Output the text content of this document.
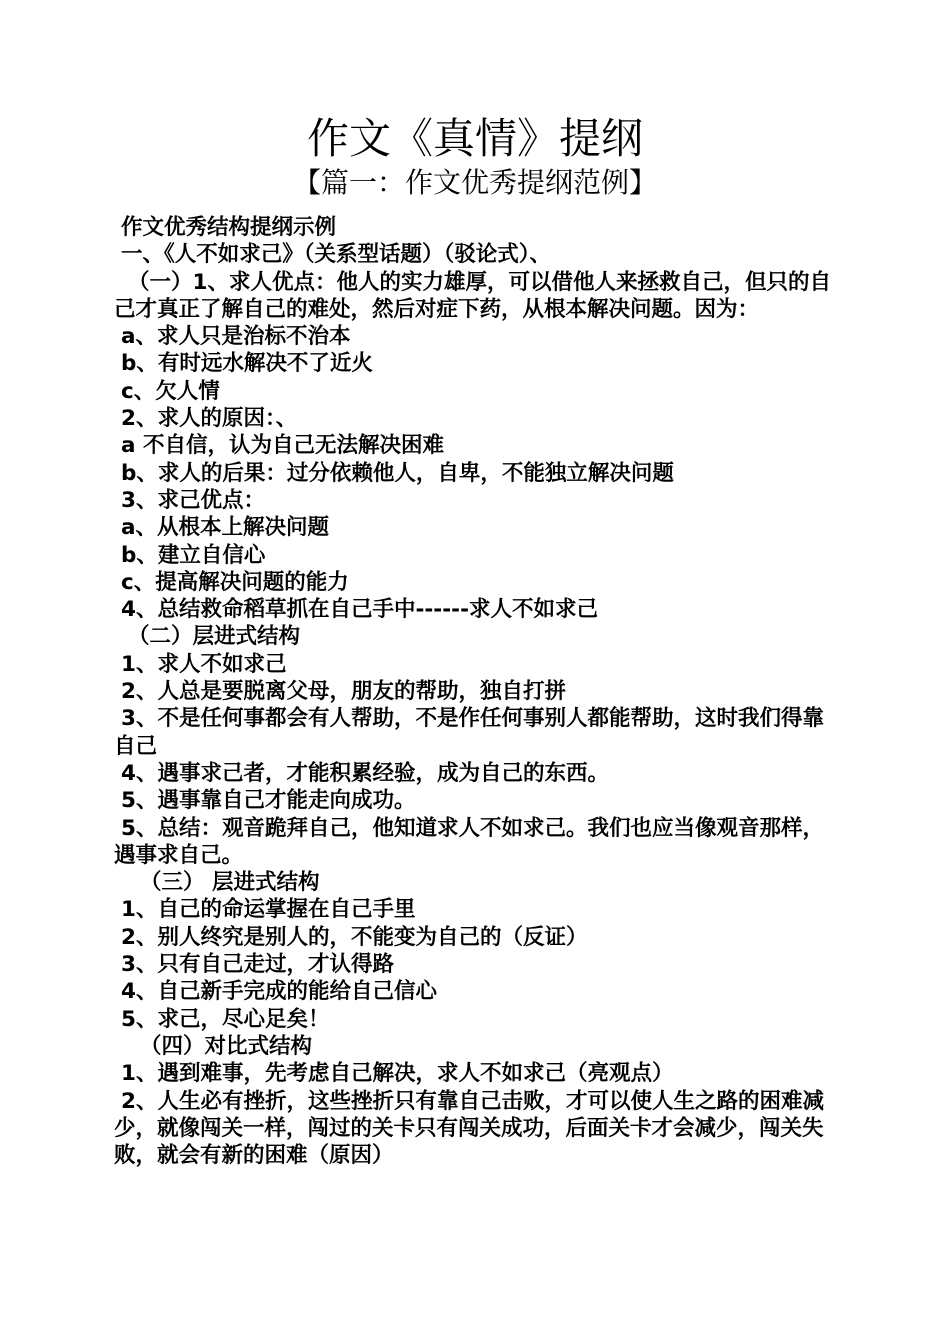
作文《真情》提纲
【篇一：作文优秀提纲范例】
作文优秀结构提纲示例
一、《人不如求己》（关系型话题）（驳论式）、
（一）1、求人优点：他人的实力雄厚，可以借他人来拯救自己，但只的自己才真正了解自己的难处，然后对症下药，从根本解决问题。因为：
a、求人只是治标不治本
b、有时远水解决不了近火
c、欠人情
2、求人的原因：、
a 不自信，认为自己无法解决困难
b、求人的后果：过分依赖他人，自卑，不能独立解决问题
3、求己优点：
a、从根本上解决问题
b、建立自信心
c、提高解决问题的能力
4、总结救命稻草抓在自己手中------求人不如求己
（二）层进式结构
1、求人不如求己
2、人总是要脱离父母，朋友的帮助，独自打拼
3、不是任何事都会有人帮助，不是作任何事别人都能帮助，这时我们得靠自己
4、遇事求己者，才能积累经验，成为自己的东西。
5、遇事靠自己才能走向成功。
5、总结：观音跪拜自己，他知道求人不如求己。我们也应当像观音那样，遇事求自己。
（三） 层进式结构
1、自己的命运掌握在自己手里
2、别人终究是别人的，不能变为自己的（反证）
3、只有自己走过，才认得路
4、自己新手完成的能给自己信心
5、求己，尽心足矣！
（四）对比式结构
1、遇到难事，先考虑自己解决，求人不如求己（亮观点）
2、人生必有挫折，这些挫折只有靠自己击败，才可以使人生之路的困难减少，就像闯关一样，闯过的关卡只有闯关成功，后面关卡才会减少，闯关失败，就会有新的困难（原因）
